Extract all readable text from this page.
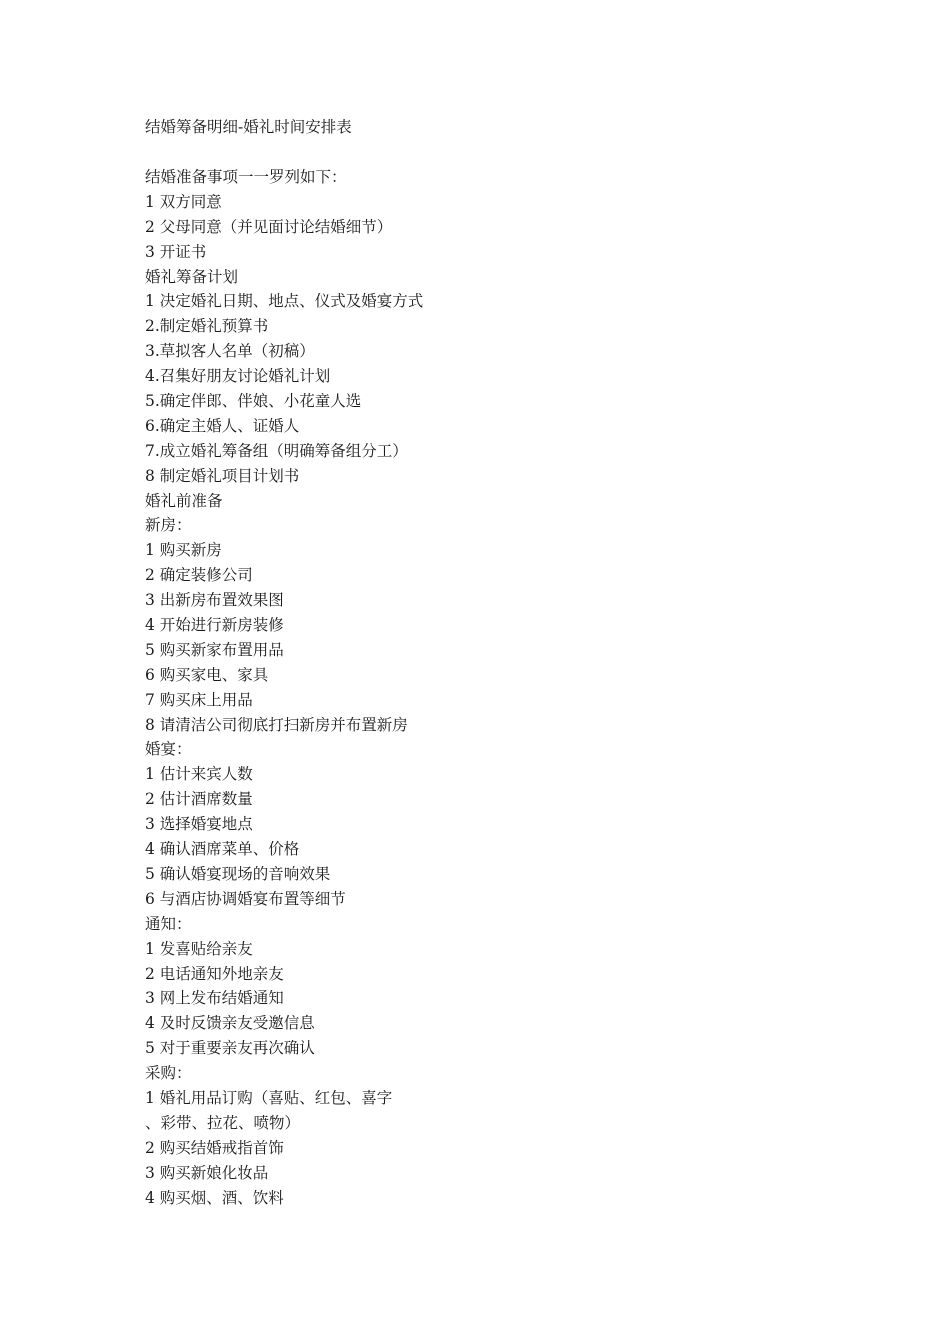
结婚筹备明细-婚礼时间安排表
结婚准备事项一一罗列如下：
1 双方同意
2 父母同意（并见面讨论结婚细节）
3 开证书
婚礼筹备计划
1 决定婚礼日期、地点、仪式及婚宴方式
2.制定婚礼预算书
3.草拟客人名单（初稿）
4.召集好朋友讨论婚礼计划
5.确定伴郎、伴娘、小花童人选
6.确定主婚人、证婚人
7.成立婚礼筹备组（明确筹备组分工）
8 制定婚礼项目计划书
婚礼前准备
新房：
1 购买新房
2 确定装修公司
3 出新房布置效果图
4 开始进行新房装修
5 购买新家布置用品
6 购买家电、家具
7 购买床上用品
8 请清洁公司彻底打扫新房并布置新房
婚宴：
1 估计来宾人数
2 估计酒席数量
3 选择婚宴地点
4 确认酒席菜单、价格
5 确认婚宴现场的音响效果
6 与酒店协调婚宴布置等细节
通知：
1 发喜贴给亲友
2 电话通知外地亲友
3 网上发布结婚通知
4 及时反馈亲友受邀信息
5 对于重要亲友再次确认
采购：
1 婚礼用品订购（喜贴、红包、喜字
、彩带、拉花、喷物）
2 购买结婚戒指首饰
3 购买新娘化妆品
4 购买烟、酒、饮料
